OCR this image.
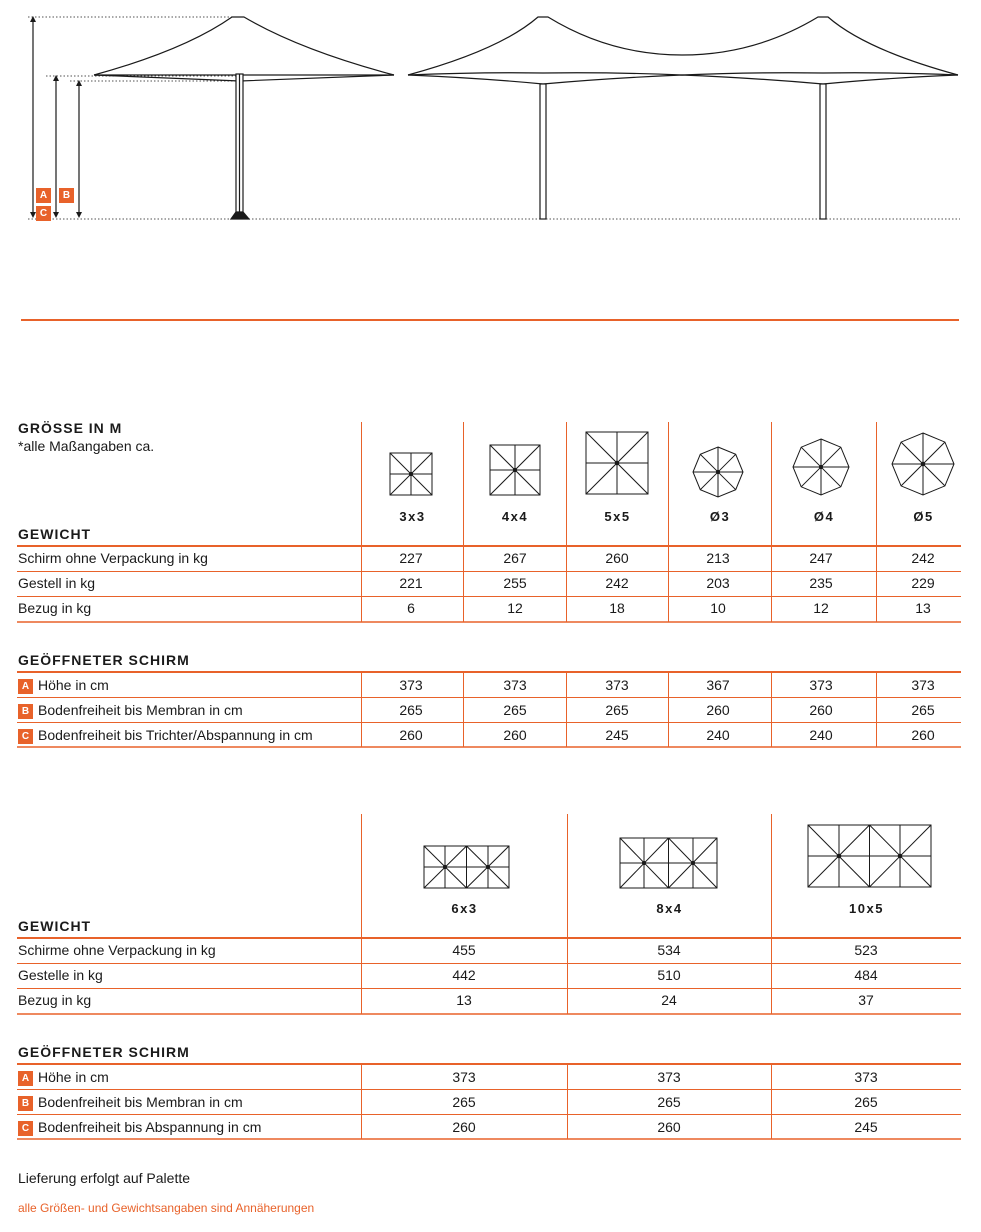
A BC
GRÖSSE IN M
*alle Maßangaben ca.
GEWICHT
3x3	4x4	5x5	Ø3	Ø4	Ø5
Schirm ohne Verpackung in kg	227	267	260	213	247	242
Gestell in kg	221	255	242	203	235	229
Bezug in kg	6	12	18	10	12	13
GEÖFFNETER SCHIRM
A Höhe in cm	373	373	373	367	373	373
B Bodenfreiheit bis Membran in cm	265	265	265	260	260	265
C Bodenfreiheit bis Trichter/Abspannung in cm	260	260	245	240	240	260
6x3	8x4	10x5
GEWICHT
Schirme ohne Verpackung in kg	455	534	523
Gestelle in kg	442	510	484
Bezug in kg	13	24	37
GEÖFFNETER SCHIRM
A Höhe in cm	373	373	373
B Bodenfreiheit bis Membran in cm	265	265	265
C Bodenfreiheit bis Abspannung in cm	260	260	245
Lieferung erfolgt auf Palette
alle Größen- und Gewichtsangaben sind Annäherungen
